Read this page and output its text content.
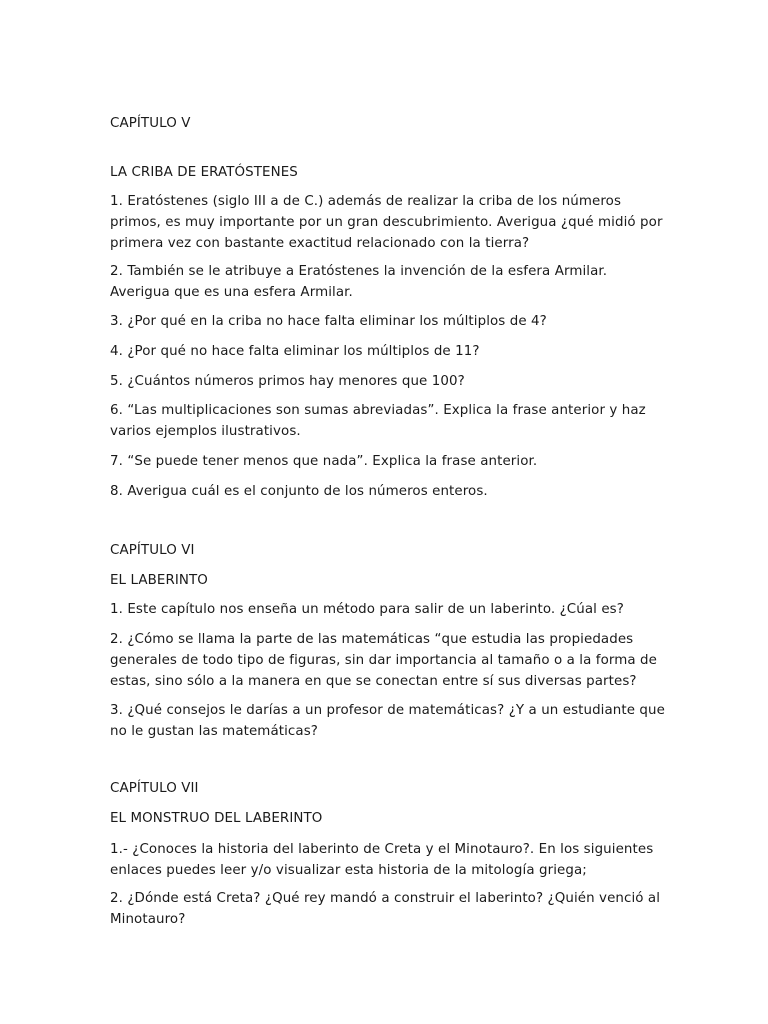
CAPÍTULO V
LA CRIBA DE ERATÓSTENES
1. Eratóstenes (siglo III a de C.) además de realizar la criba de los números primos, es muy importante por un gran descubrimiento. Averigua ¿qué midió por primera vez con bastante exactitud relacionado con la tierra?
2. También se le atribuye a Eratóstenes la invención de la esfera Armilar. Averigua que es una esfera Armilar.
3. ¿Por qué en la criba no hace falta eliminar los múltiplos de 4?
4. ¿Por qué no hace falta eliminar los múltiplos de 11?
5. ¿Cuántos números primos hay menores que 100?
6. “Las multiplicaciones son sumas abreviadas”. Explica la frase anterior y haz varios ejemplos ilustrativos.
7. “Se puede tener menos que nada”. Explica la frase anterior.
8. Averigua cuál es el conjunto de los números enteros.
CAPÍTULO VI
EL LABERINTO
1. Este capítulo nos enseña un método para salir de un laberinto. ¿Cúal es?
2. ¿Cómo se llama la parte de las matemáticas “que estudia las propiedades generales de todo tipo de figuras, sin dar importancia al tamaño o a la forma de estas, sino sólo a la manera en que se conectan entre sí sus diversas partes?
3. ¿Qué consejos le darías a un profesor de matemáticas? ¿Y a un estudiante que no le gustan las matemáticas?
CAPÍTULO VII
EL MONSTRUO DEL LABERINTO
1.- ¿Conoces la historia del laberinto de Creta y el Minotauro?. En los siguientes enlaces puedes leer y/o visualizar esta historia de la mitología griega;
2. ¿Dónde está Creta? ¿Qué rey mandó a construir el laberinto? ¿Quién venció al Minotauro?
